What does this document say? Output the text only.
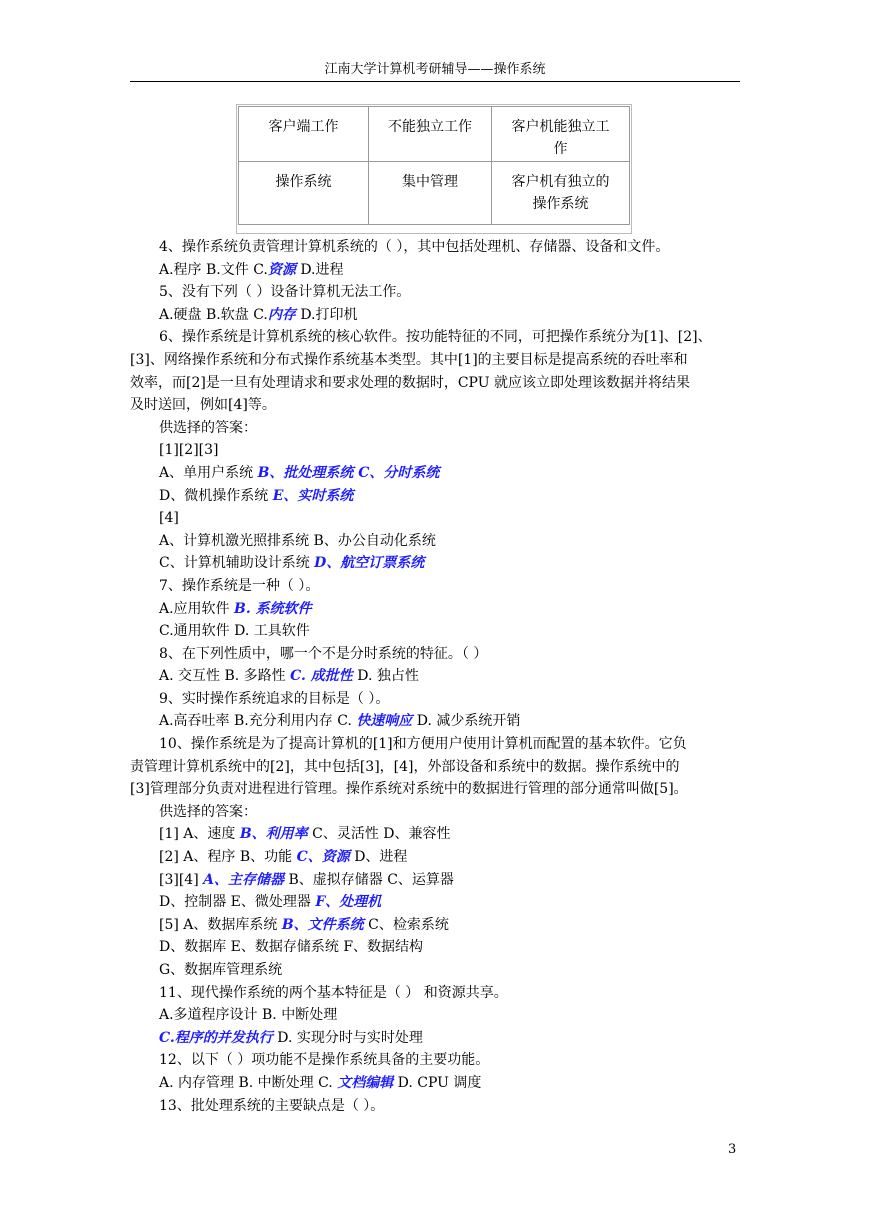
江南大学计算机考研辅导——操作系统
客户端工作	不能独立工作	客户机能独立工
作
操作系统	集中管理	客户机有独立的
操作系统
4、操作系统负责管理计算机系统的（ ），其中包括处理机、存储器、设备和文件。
A.程序 B.文件 C.资源 D.进程
5、没有下列（ ）设备计算机无法工作。
A.硬盘 B.软盘 C.内存 D.打印机
6、操作系统是计算机系统的核心软件。按功能特征的不同，可把操作系统分为[1]、[2]、
[3]、网络操作系统和分布式操作系统基本类型。其中[1]的主要目标是提高系统的吞吐率和
效率，而[2]是一旦有处理请求和要求处理的数据时，CPU 就应该立即处理该数据并将结果
及时送回，例如[4]等。
供选择的答案：
[1][2][3]
A、单用户系统 B、批处理系统 C、分时系统
D、微机操作系统 E、实时系统
[4]
A、计算机激光照排系统 B、办公自动化系统
C、计算机辅助设计系统 D、航空订票系统
7、操作系统是一种（ ）。
A.应用软件 B. 系统软件
C.通用软件 D. 工具软件
8、在下列性质中，哪一个不是分时系统的特征。（ ）
A. 交互性 B. 多路性 C. 成批性 D. 独占性
9、实时操作系统追求的目标是（ ）。
A.高吞吐率 B.充分利用内存 C. 快速响应 D. 减少系统开销
10、操作系统是为了提高计算机的[1]和方便用户使用计算机而配置的基本软件。它负
责管理计算机系统中的[2]，其中包括[3]，[4]，外部设备和系统中的数据。操作系统中的
[3]管理部分负责对进程进行管理。操作系统对系统中的数据进行管理的部分通常叫做[5]。
供选择的答案：
[1] A、速度 B、利用率 C、灵活性 D、兼容性
[2] A、程序 B、功能 C、资源 D、进程
[3][4] A、主存储器 B、虚拟存储器 C、运算器
D、控制器 E、微处理器 F、处理机
[5] A、数据库系统 B、文件系统 C、检索系统
D、数据库 E、数据存储系统 F、数据结构
G、数据库管理系统
11、现代操作系统的两个基本特征是（ ） 和资源共享。
A.多道程序设计 B. 中断处理
C.程序的并发执行 D. 实现分时与实时处理
12、以下（ ）项功能不是操作系统具备的主要功能。
A. 内存管理 B. 中断处理 C. 文档编辑 D. CPU 调度
13、批处理系统的主要缺点是（ ）。
3
